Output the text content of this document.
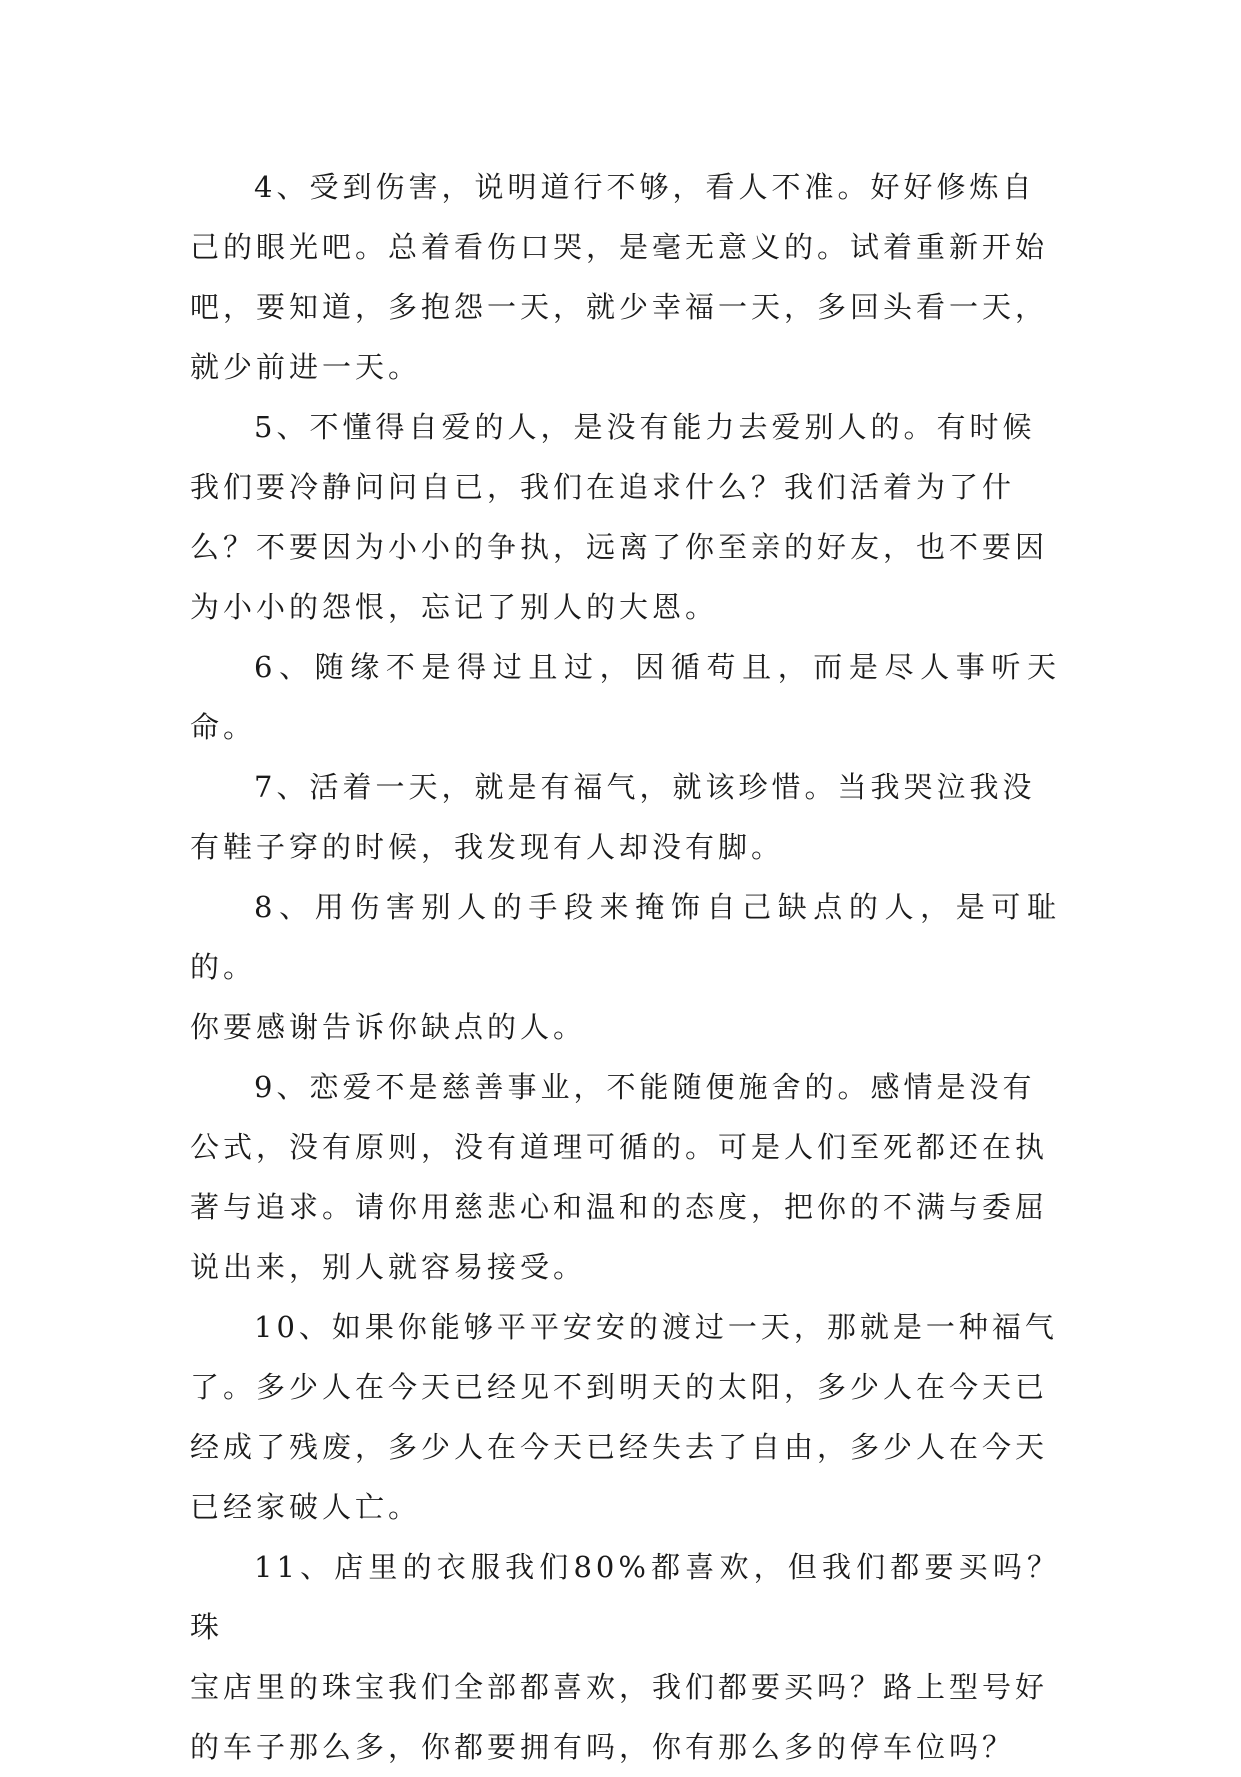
4、受到伤害，说明道行不够，看人不准。好好修炼自
己的眼光吧。总着看伤口哭，是毫无意义的。试着重新开始
吧，要知道，多抱怨一天，就少幸福一天，多回头看一天，
就少前进一天。

5、不懂得自爱的人，是没有能力去爱别人的。有时候
我们要冷静问问自已，我们在追求什么？我们活着为了什
么？不要因为小小的争执，远离了你至亲的好友，也不要因
为小小的怨恨，忘记了别人的大恩。

6、随缘不是得过且过，因循苟且，而是尽人事听天命。

7、活着一天，就是有福气，就该珍惜。当我哭泣我没
有鞋子穿的时候，我发现有人却没有脚。

8、用伤害别人的手段来掩饰自己缺点的人，是可耻的。
你要感谢告诉你缺点的人。

9、恋爱不是慈善事业，不能随便施舍的。感情是没有
公式，没有原则，没有道理可循的。可是人们至死都还在执
著与追求。请你用慈悲心和温和的态度，把你的不满与委屈
说出来，别人就容易接受。

10、如果你能够平平安安的渡过一天，那就是一种福气
了。多少人在今天已经见不到明天的太阳，多少人在今天已
经成了残废，多少人在今天已经失去了自由，多少人在今天
已经家破人亡。

11、店里的衣服我们80%都喜欢，但我们都要买吗？珠
宝店里的珠宝我们全部都喜欢，我们都要买吗？路上型号好
的车子那么多，你都要拥有吗，你有那么多的停车位吗？
